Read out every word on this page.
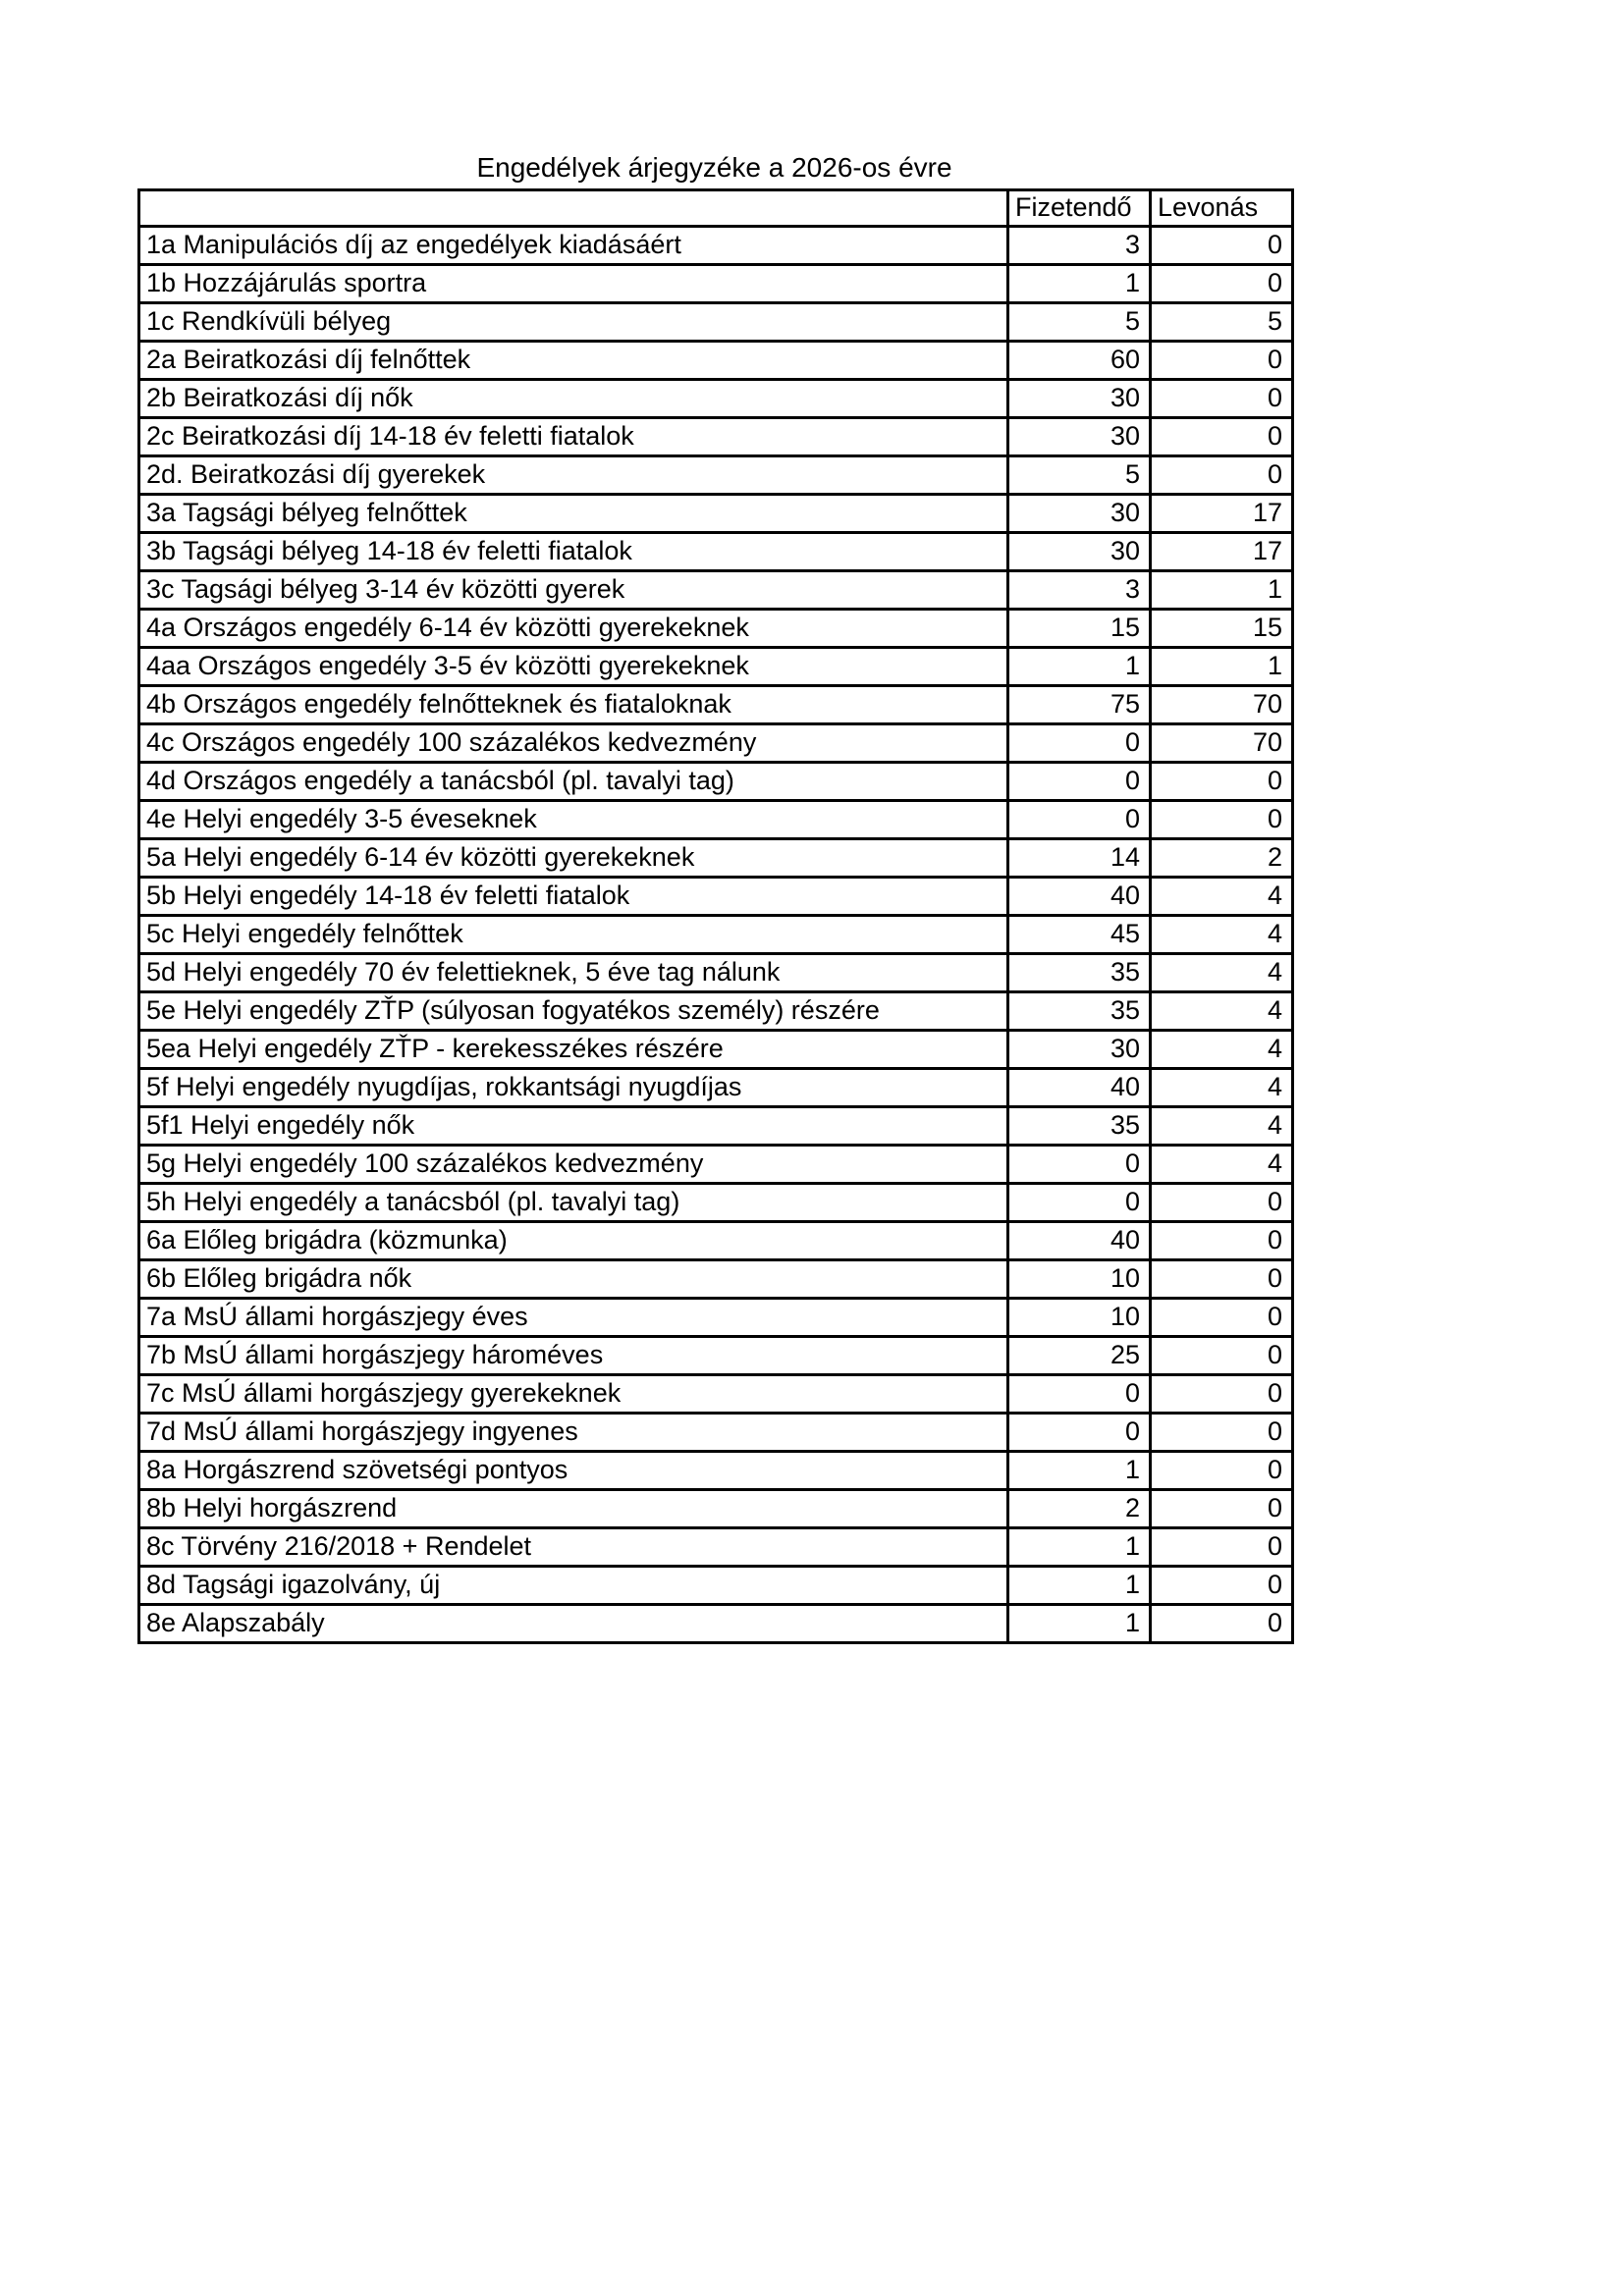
Engedélyek árjegyzéke a 2026-os évre
	Fizetendő	Levonás
1a Manipulációs díj az engedélyek kiadásáért	3	0
1b Hozzájárulás sportra	1	0
1c Rendkívüli bélyeg	5	5
2a Beiratkozási díj felnőttek	60	0
2b Beiratkozási díj nők	30	0
2c Beiratkozási díj 14-18 év feletti fiatalok	30	0
2d. Beiratkozási díj gyerekek	5	0
3a Tagsági bélyeg felnőttek	30	17
3b Tagsági bélyeg 14-18 év feletti fiatalok	30	17
3c Tagsági bélyeg 3-14 év közötti gyerek	3	1
4a Országos engedély 6-14 év közötti gyerekeknek	15	15
4aa Országos engedély 3-5 év közötti gyerekeknek	1	1
4b Országos engedély felnőtteknek és fiataloknak	75	70
4c Országos engedély 100 százalékos kedvezmény	0	70
4d Országos engedély a tanácsból (pl. tavalyi tag)	0	0
4e Helyi engedély 3-5 éveseknek	0	0
5a Helyi engedély 6-14 év közötti gyerekeknek	14	2
5b Helyi engedély 14-18 év feletti fiatalok	40	4
5c Helyi engedély felnőttek	45	4
5d Helyi engedély 70 év felettieknek, 5 éve tag nálunk	35	4
5e Helyi engedély ZŤP (súlyosan fogyatékos személy) részére	35	4
5ea Helyi engedély ZŤP - kerekesszékes részére	30	4
5f Helyi engedély nyugdíjas, rokkantsági nyugdíjas	40	4
5f1 Helyi engedély nők	35	4
5g Helyi engedély 100 százalékos kedvezmény	0	4
5h Helyi engedély a tanácsból (pl. tavalyi tag)	0	0
6a Előleg brigádra (közmunka)	40	0
6b Előleg brigádra nők	10	0
7a MsÚ állami horgászjegy éves	10	0
7b MsÚ állami horgászjegy hároméves	25	0
7c MsÚ állami horgászjegy gyerekeknek	0	0
7d MsÚ állami horgászjegy ingyenes	0	0
8a Horgászrend szövetségi pontyos	1	0
8b Helyi horgászrend	2	0
8c Törvény 216/2018 + Rendelet	1	0
8d Tagsági igazolvány, új	1	0
8e Alapszabály	1	0
